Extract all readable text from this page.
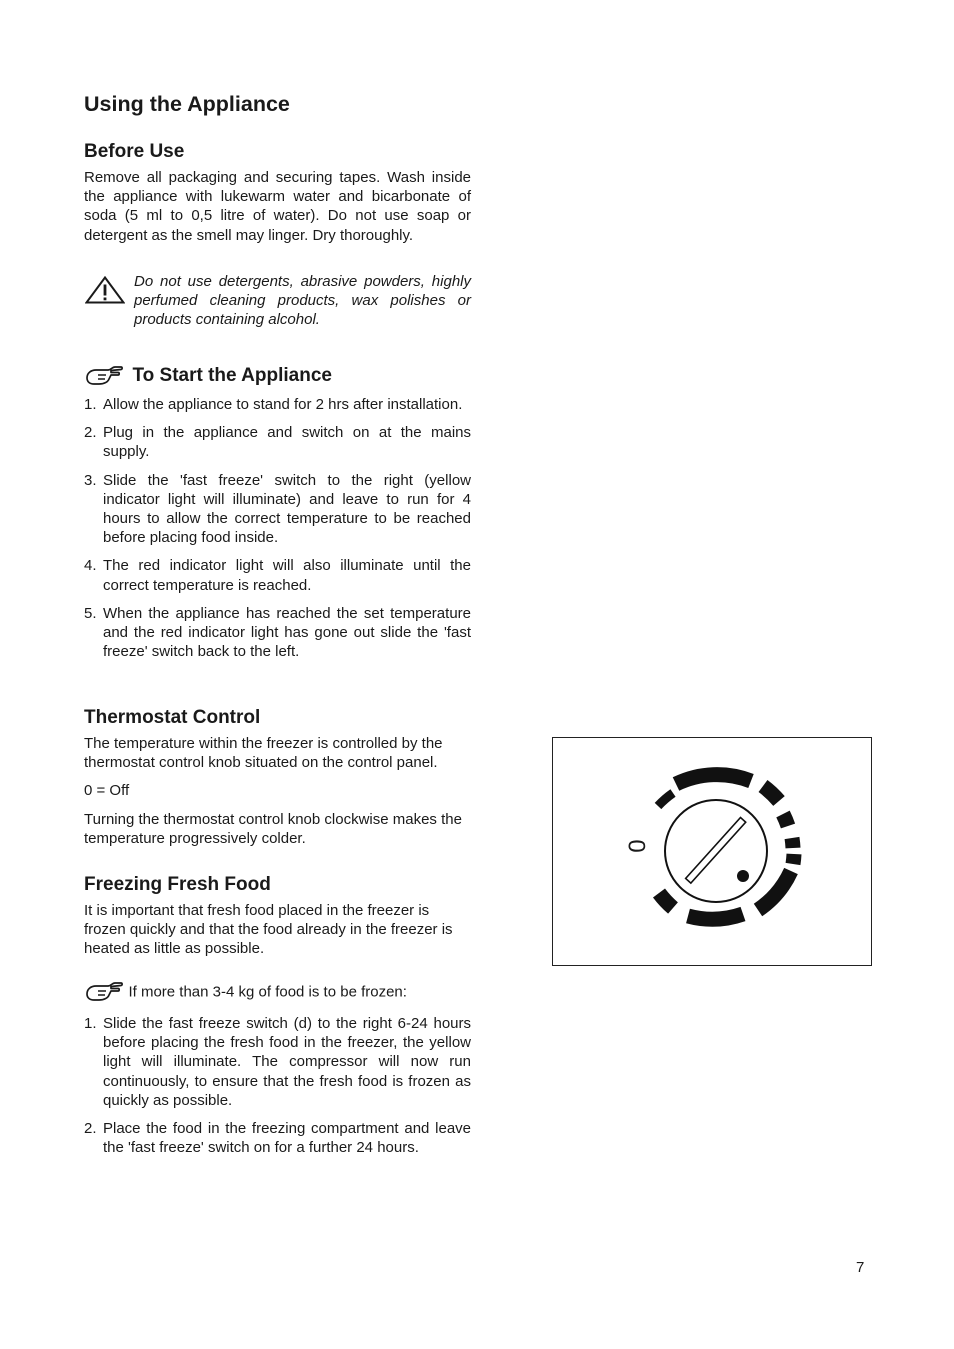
Using the Appliance
Before Use

Remove all packaging and securing tapes. Wash inside the appliance with lukewarm water and bicarbonate of soda (5 ml to 0,5 litre of water). Do not use soap or detergent as the smell may linger. Dry thoroughly.

Do not use detergents, abrasive powders, highly perfumed cleaning products, wax polishes or products containing alcohol.

To Start the Appliance
1. Allow the appliance to stand for 2 hrs after installation.
2. Plug in the appliance and switch on at the mains supply.
3. Slide the 'fast freeze' switch to the right (yellow indicator light will illuminate) and leave to run for 4 hours to allow the correct temperature to be reached before placing food inside.
4. The red indicator light will also illuminate until the correct temperature is reached.
5. When the appliance has reached the set temperature and the red indicator light has gone out slide the 'fast freeze' switch back to the left.
Thermostat Control

The temperature within the freezer is controlled by the thermostat control knob situated on the control panel.

0 = Off

Turning the thermostat control knob clockwise makes the temperature progressively colder.

Freezing Fresh Food

It is important that fresh food placed in the freezer is frozen quickly and that the food already in the freezer is heated as little as possible.

If more than 3-4 kg of food is to be frozen:
1. Slide the fast freeze switch (d) to the right 6-24 hours before placing the fresh food in the freezer, the yellow light will illuminate. The compressor will now run continuously, to ensure that the fresh food is frozen as quickly as possible.
2. Place the food in the freezing compartment and leave the 'fast freeze' switch on for a further 24 hours.
0
7
